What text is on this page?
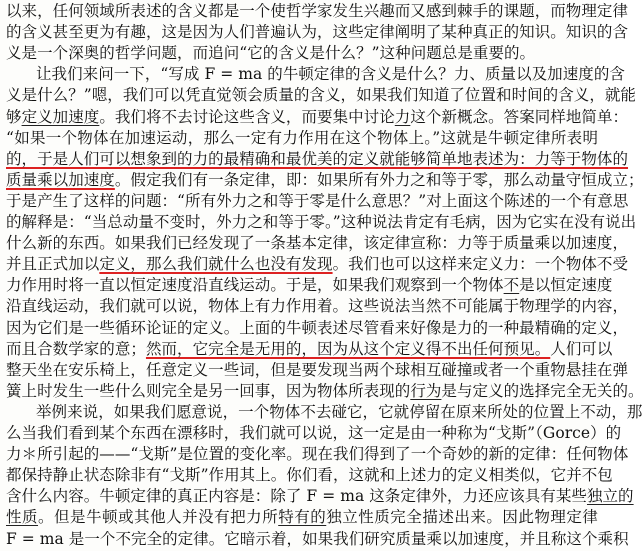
以来，任何领域所表述的含义都是一个使哲学家发生兴趣而又感到棘手的课题，而物理定律
的含义甚至更为有趣，这是因为人们普遍认为，这些定律阐明了某种真正的知识。知识的含
义是一个深奥的哲学问题，而追问“它的含义是什么？”这种问题总是重要的。
让我们来问一下，“写成 F = ma 的牛顿定律的含义是什么？力、质量以及加速度的含
义是什么？”嗯，我们可以凭直觉领会质量的含义，如果我们知道了位置和时间的含义，就能
够定义加速度。我们将不去讨论这些含义，而要集中讨论力这个新概念。答案同样地简单：
“如果一个物体在加速运动，那么一定有力作用在这个物体上。”这就是牛顿定律所表明
的，于是人们可以想象到的力的最精确和最优美的定义就能够简单地表述为：力等于物体的
质量乘以加速度。假定我们有一条定律，即：如果所有外力之和等于零，那么动量守恒成立；
于是产生了这样的问题：“所有外力之和等于零是什么意思？”对上面这个陈述的一个有意思
的解释是：“当总动量不变时，外力之和等于零。”这种说法肯定有毛病，因为它实在没有说出
什么新的东西。如果我们已经发现了一条基本定律，该定律宣称：力等于质量乘以加速度，
并且正式加以定义，那么我们就什么也没有发现。我们也可以这样来定义力：一个物体不受
力作用时将一直以恒定速度沿直线运动。于是，如果我们观察到一个物体不是以恒定速度
沿直线运动，我们就可以说，物体上有力作用着。这些说法当然不可能属于物理学的内容，
因为它们是一些循环论证的定义。上面的牛顿表述尽管看来好像是力的一种最精确的定义，
而且合数学家的意；然而，它完全是无用的，因为从这个定义得不出任何预见。人们可以
整天坐在安乐椅上，任意定义一些词，但是要发现当两个球相互碰撞或者一个重物悬挂在弹
簧上时发生一些什么则完全是另一回事，因为物体所表现的行为是与定义的选择完全无关的。
举例来说，如果我们愿意说，一个物体不去碰它，它就停留在原来所处的位置上不动，那
么当我们看到某个东西在漂移时，我们就可以说，这一定是由一种称为“戈斯”（Gorce）的
力＊所引起的——“戈斯”是位置的变化率。现在我们得到了一个奇妙的新的定律：任何物体
都保持静止状态除非有“戈斯”作用其上。你们看，这就和上述力的定义相类似，它并不包
含什么内容。牛顿定律的真正内容是：除了 F = ma 这条定律外，力还应该具有某些独立的
性质。但是牛顿或其他人并没有把力所特有的独立性质完全描述出来。因此物理定律
F = ma 是一个不完全的定律。它暗示着，如果我们研究质量乘以加速度，并且称这个乘积
